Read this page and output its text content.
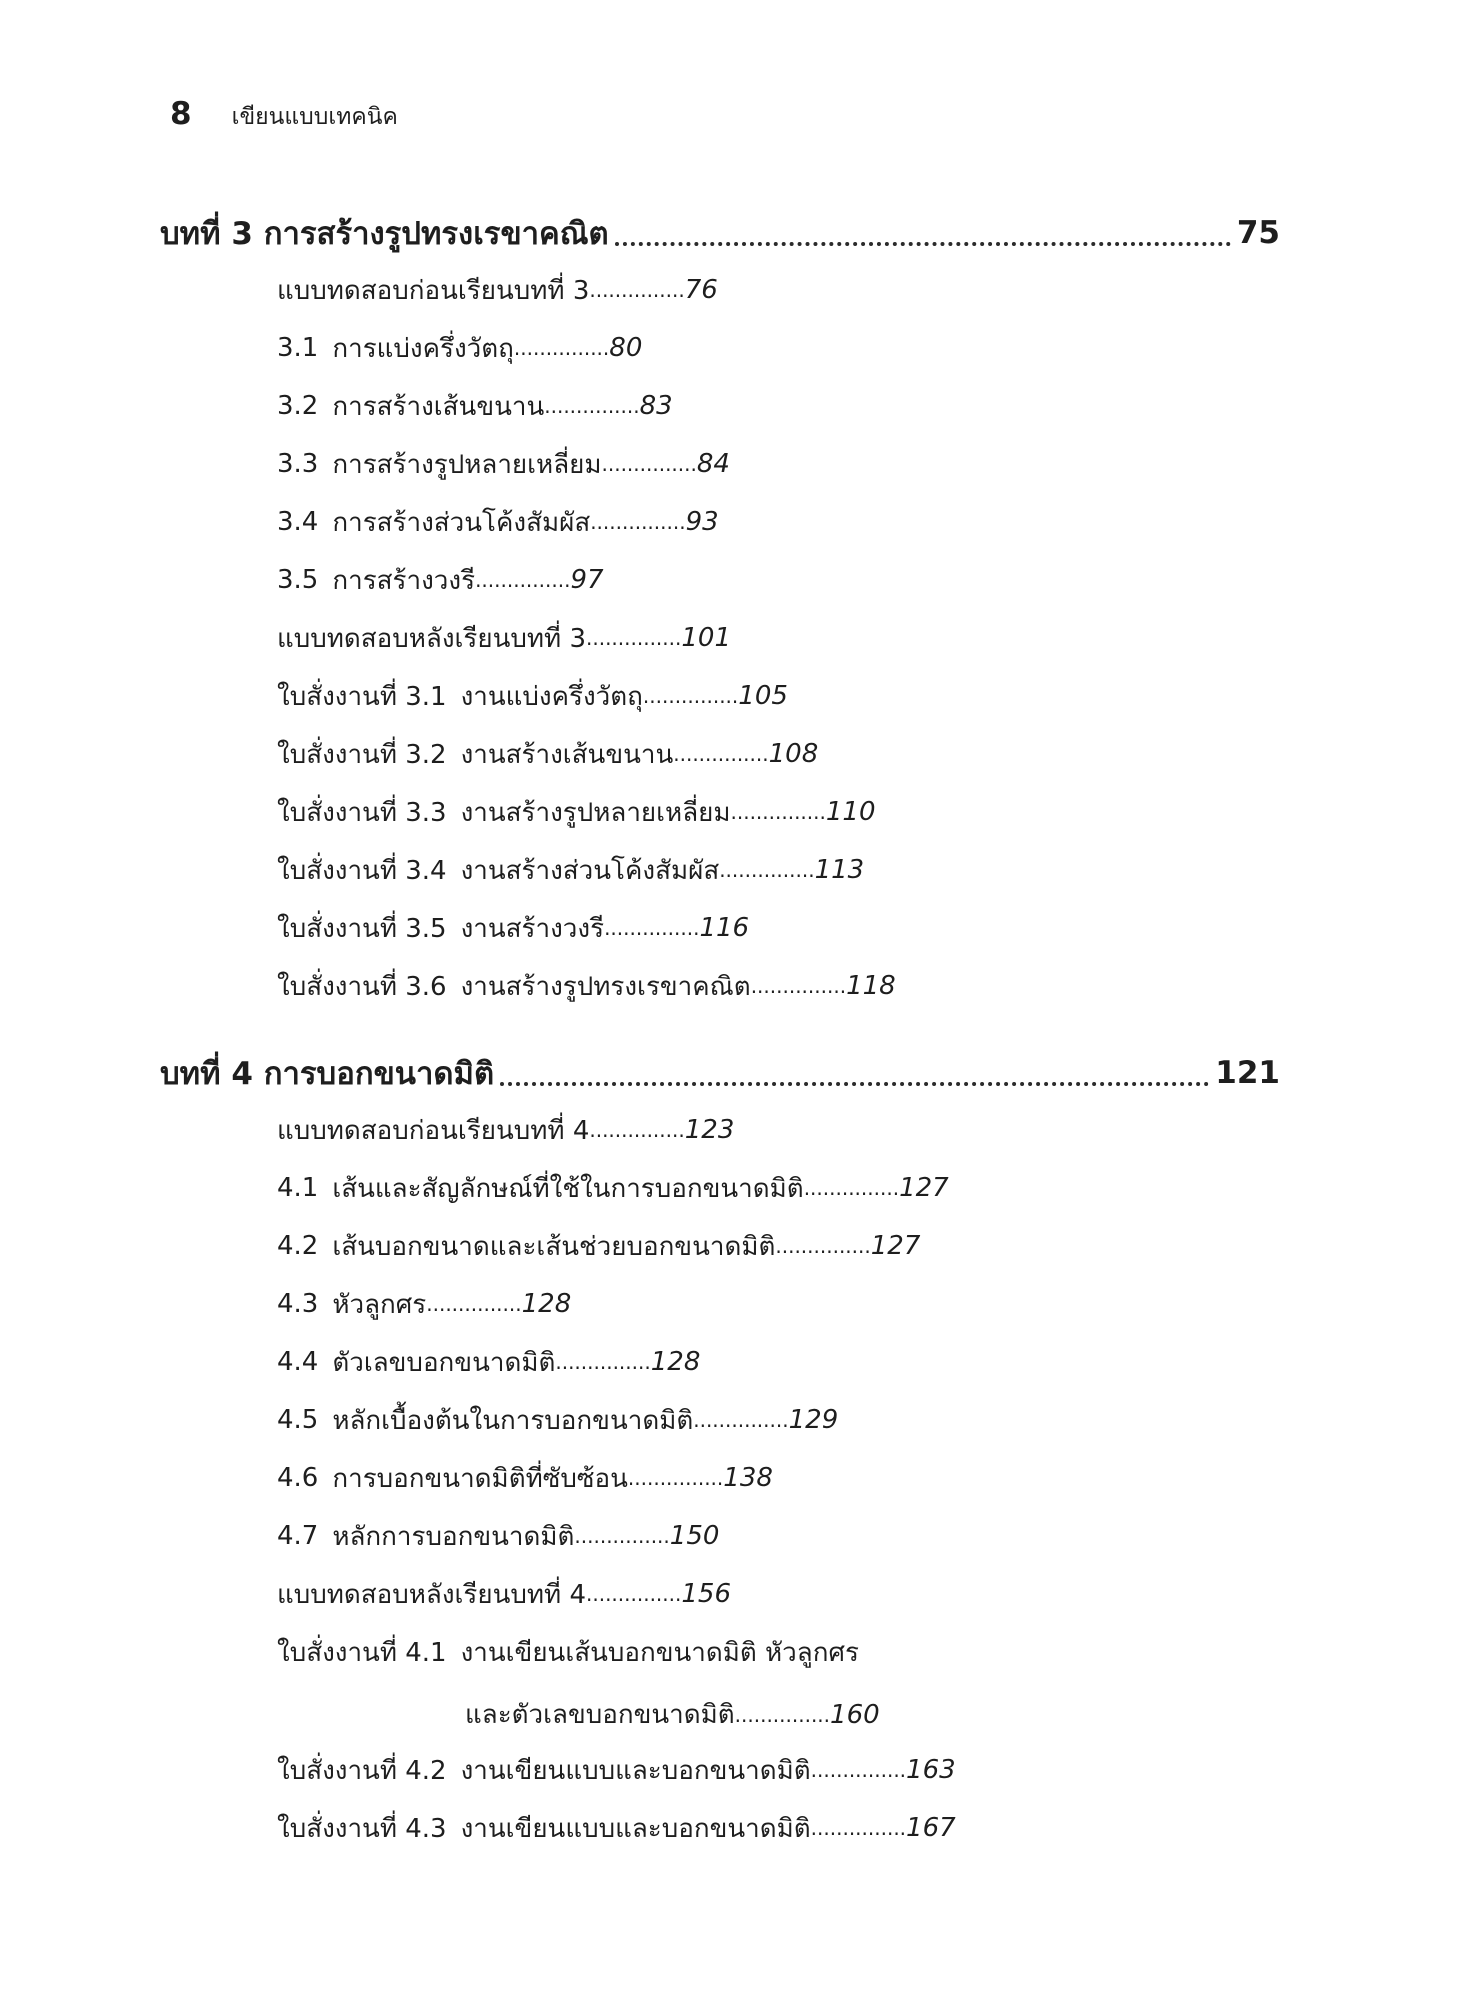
8 เขียนแบบเทคนิค
บทที่ 3 การสร้างรูปทรงเรขาคณิต	75
แบบทดสอบก่อนเรียนบทที่ 3 ............... 76
3.1 การแบ่งครึ่งวัตถุ ............... 80
3.2 การสร้างเส้นขนาน ............... 83
3.3 การสร้างรูปหลายเหลี่ยม ............... 84
3.4 การสร้างส่วนโค้งสัมผัส ............... 93
3.5 การสร้างวงรี ............... 97
แบบทดสอบหลังเรียนบทที่ 3 ............... 101
ใบสั่งงานที่ 3.1 งานแบ่งครึ่งวัตถุ ............... 105
ใบสั่งงานที่ 3.2 งานสร้างเส้นขนาน ............... 108
ใบสั่งงานที่ 3.3 งานสร้างรูปหลายเหลี่ยม ............... 110
ใบสั่งงานที่ 3.4 งานสร้างส่วนโค้งสัมผัส ............... 113
ใบสั่งงานที่ 3.5 งานสร้างวงรี ............... 116
ใบสั่งงานที่ 3.6 งานสร้างรูปทรงเรขาคณิต ............... 118
บทที่ 4 การบอกขนาดมิติ	121
แบบทดสอบก่อนเรียนบทที่ 4 ............... 123
4.1 เส้นและสัญลักษณ์ที่ใช้ในการบอกขนาดมิติ ............... 127
4.2 เส้นบอกขนาดและเส้นช่วยบอกขนาดมิติ ............... 127
4.3 หัวลูกศร ............... 128
4.4 ตัวเลขบอกขนาดมิติ ............... 128
4.5 หลักเบื้องต้นในการบอกขนาดมิติ ............... 129
4.6 การบอกขนาดมิติที่ซับซ้อน ............... 138
4.7 หลักการบอกขนาดมิติ ............... 150
แบบทดสอบหลังเรียนบทที่ 4 ............... 156
ใบสั่งงานที่ 4.1 งานเขียนเส้นบอกขนาดมิติ หัวลูกศร
และตัวเลขบอกขนาดมิติ ............... 160
ใบสั่งงานที่ 4.2 งานเขียนแบบและบอกขนาดมิติ ............... 163
ใบสั่งงานที่ 4.3 งานเขียนแบบและบอกขนาดมิติ ............... 167
